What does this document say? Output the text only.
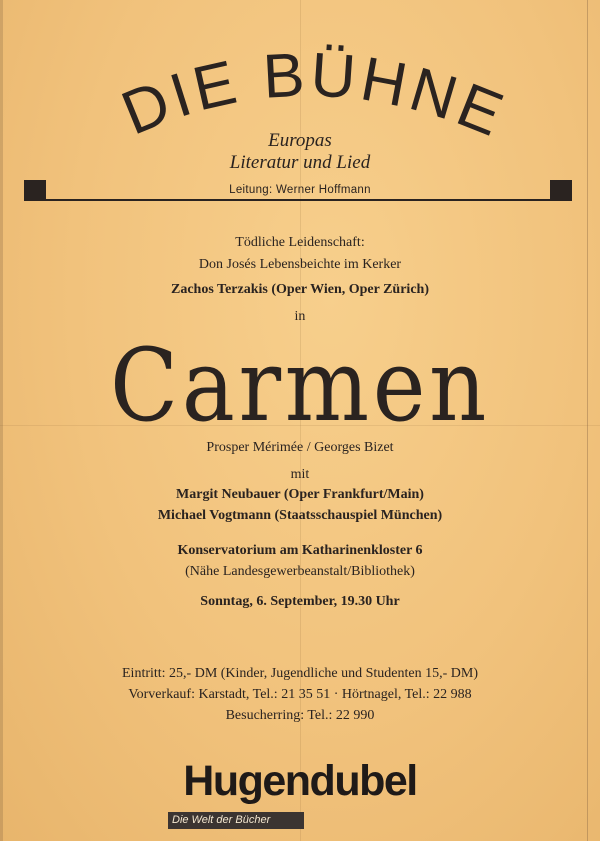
DIE BÜHNE
Europas
Literatur und Lied
Leitung: Werner Hoffmann
Tödliche Leidenschaft:
Don Josés Lebensbeichte im Kerker
Zachos Terzakis (Oper Wien, Oper Zürich)
in
Carmen
Prosper Mérimée / Georges Bizet
mit
Margit Neubauer (Oper Frankfurt/Main)
Michael Vogtmann (Staatsschauspiel München)
Konservatorium am Katharinenkloster 6
(Nähe Landesgewerbeanstalt/Bibliothek)
Sonntag, 6. September, 19.30 Uhr
Eintritt: 25,- DM (Kinder, Jugendliche und Studenten 15,- DM)
Vorverkauf: Karstadt, Tel.: 21 35 51 · Hörtnagel, Tel.: 22 988
Besucherring: Tel.: 22 990
Hugendubel
Die Welt der Bücher
